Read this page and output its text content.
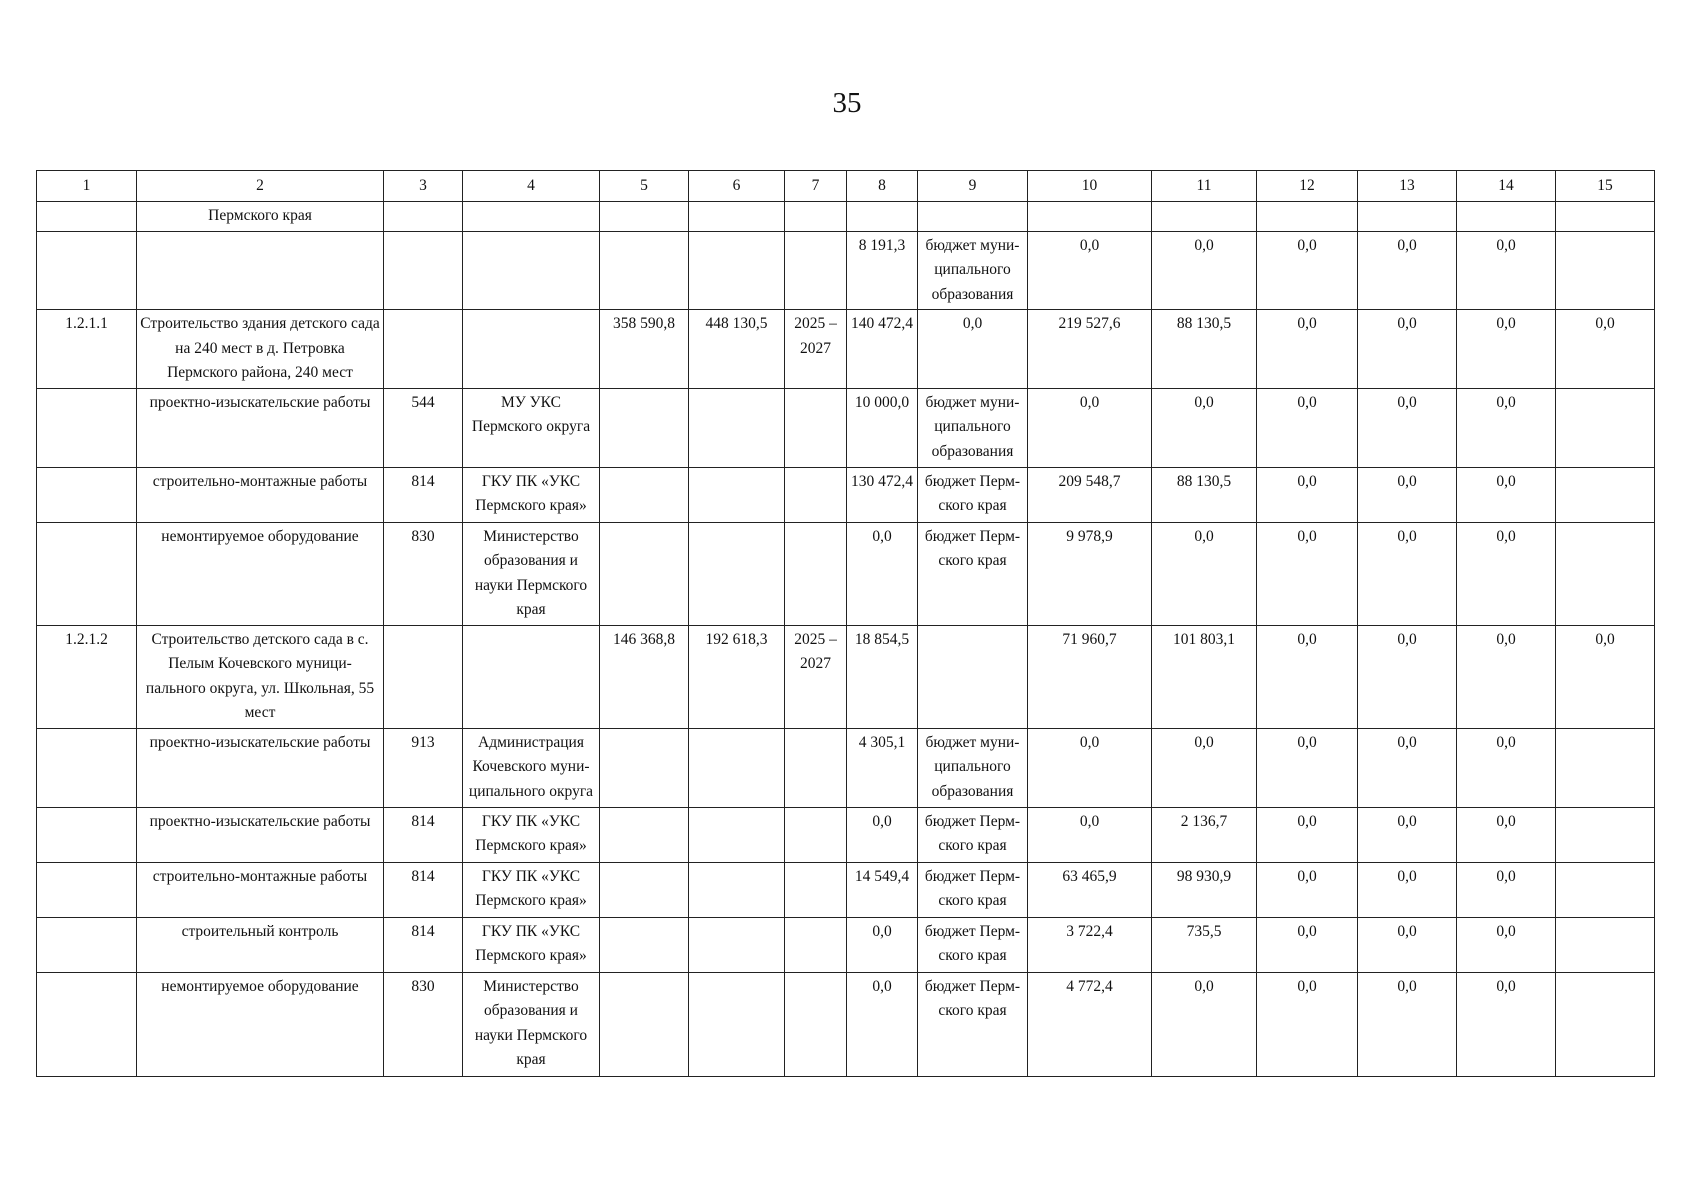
35
1	2	3	4	5	6	7	8	9	10	11	12	13	14	15
	Пермского края													
							8 191,3	бюджет муни-ципального образования	0,0	0,0	0,0	0,0	0,0	
1.2.1.1	Строительство здания детского сада на 240 мест в д. Петровка Пермского района, 240 мест			358 590,8	448 130,5	2025 – 2027	140 472,4	0,0	219 527,6	88 130,5	0,0	0,0	0,0	0,0
	проектно-изыскательские работы	544	МУ УКС Пермского округа				10 000,0	бюджет муни-ципального образования	0,0	0,0	0,0	0,0	0,0	
	строительно-монтажные работы	814	ГКУ ПК «УКС Пермского края»				130 472,4	бюджет Перм-ского края	209 548,7	88 130,5	0,0	0,0	0,0	
	немонтируемое оборудование	830	Министерство образования и науки Пермского края				0,0	бюджет Перм-ского края	9 978,9	0,0	0,0	0,0	0,0	
1.2.1.2	Строительство детского сада в с. Пелым Кочевского муници-пального округа, ул. Школьная, 55 мест			146 368,8	192 618,3	2025 – 2027	18 854,5		71 960,7	101 803,1	0,0	0,0	0,0	0,0
	проектно-изыскательские работы	913	Администрация Кочевского муни-ципального округа				4 305,1	бюджет муни-ципального образования	0,0	0,0	0,0	0,0	0,0	
	проектно-изыскательские работы	814	ГКУ ПК «УКС Пермского края»				0,0	бюджет Перм-ского края	0,0	2 136,7	0,0	0,0	0,0	
	строительно-монтажные работы	814	ГКУ ПК «УКС Пермского края»				14 549,4	бюджет Перм-ского края	63 465,9	98 930,9	0,0	0,0	0,0	
	строительный контроль	814	ГКУ ПК «УКС Пермского края»				0,0	бюджет Перм-ского края	3 722,4	735,5	0,0	0,0	0,0	
	немонтируемое оборудование	830	Министерство образования и науки Пермского края				0,0	бюджет Перм-ского края	4 772,4	0,0	0,0	0,0	0,0	
